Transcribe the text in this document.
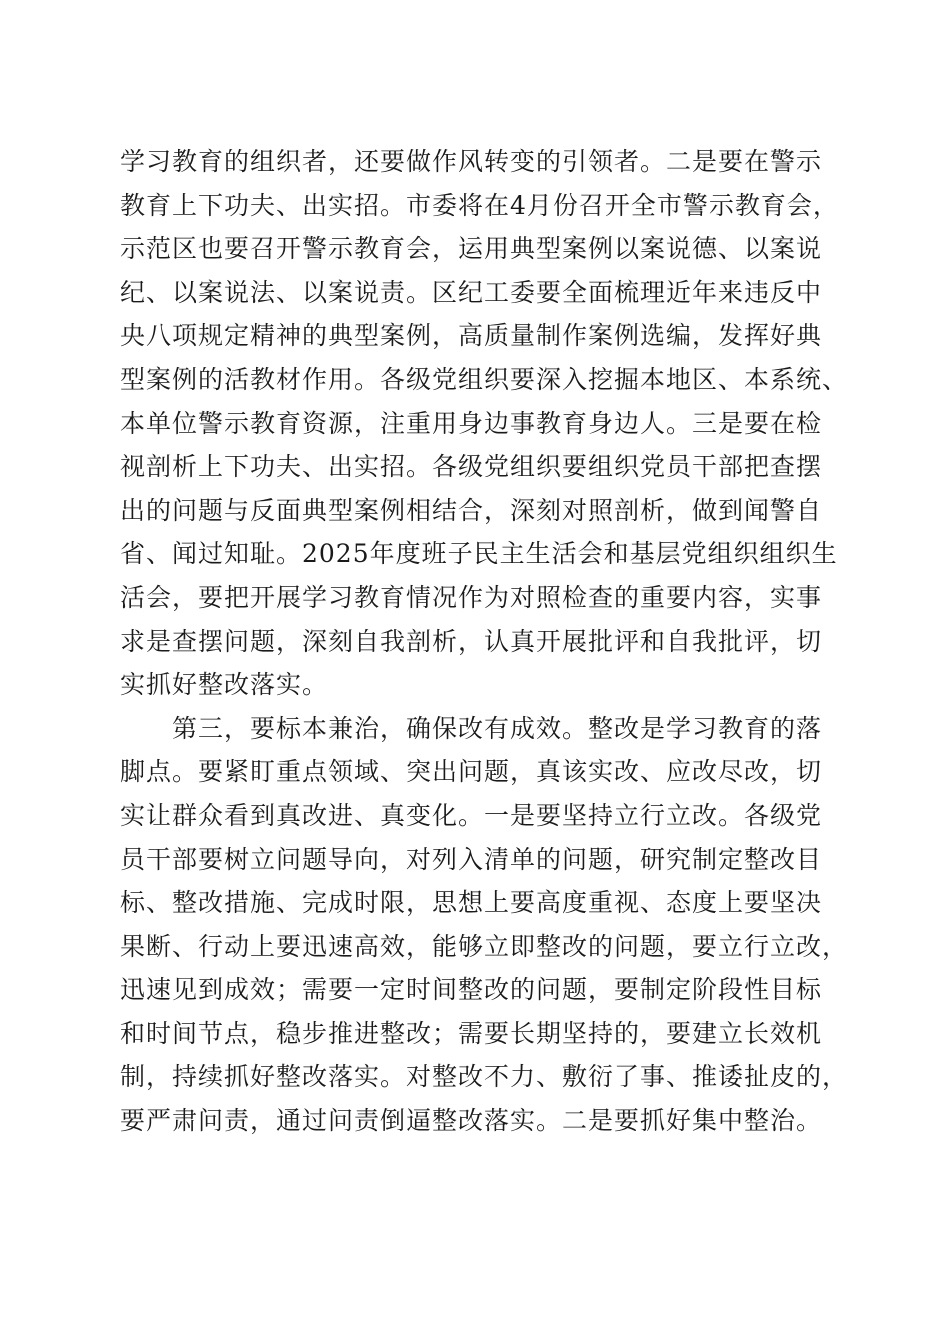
学习教育的组织者，还要做作风转变的引领者。二是要在警示
教育上下功夫、出实招。市委将在4月份召开全市警示教育会，
示范区也要召开警示教育会，运用典型案例以案说德、以案说
纪、以案说法、以案说责。区纪工委要全面梳理近年来违反中
央八项规定精神的典型案例，高质量制作案例选编，发挥好典
型案例的活教材作用。各级党组织要深入挖掘本地区、本系统、
本单位警示教育资源，注重用身边事教育身边人。三是要在检
视剖析上下功夫、出实招。各级党组织要组织党员干部把查摆
出的问题与反面典型案例相结合，深刻对照剖析，做到闻警自
省、闻过知耻。2025年度班子民主生活会和基层党组织组织生
活会，要把开展学习教育情况作为对照检查的重要内容，实事
求是查摆问题，深刻自我剖析，认真开展批评和自我批评，切
实抓好整改落实。
第三，要标本兼治，确保改有成效。整改是学习教育的落
脚点。要紧盯重点领域、突出问题，真该实改、应改尽改，切
实让群众看到真改进、真变化。一是要坚持立行立改。各级党
员干部要树立问题导向，对列入清单的问题，研究制定整改目
标、整改措施、完成时限，思想上要高度重视、态度上要坚决
果断、行动上要迅速高效，能够立即整改的问题，要立行立改，
迅速见到成效；需要一定时间整改的问题，要制定阶段性目标
和时间节点，稳步推进整改；需要长期坚持的，要建立长效机
制，持续抓好整改落实。对整改不力、敷衍了事、推诿扯皮的，
要严肃问责，通过问责倒逼整改落实。二是要抓好集中整治。
